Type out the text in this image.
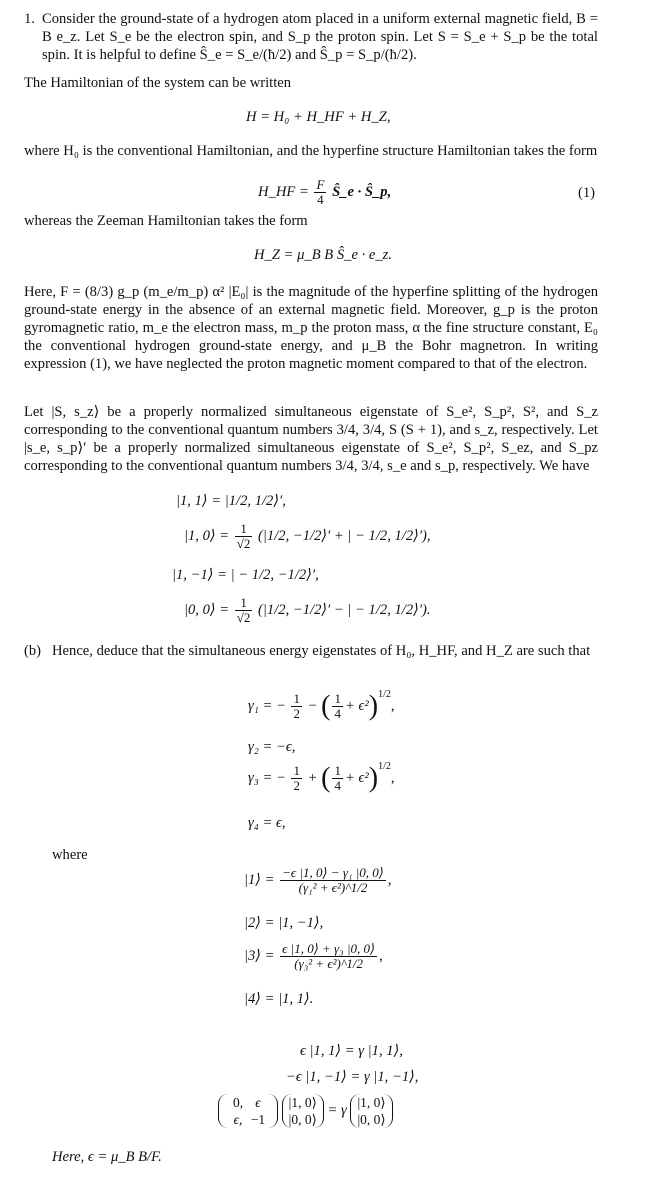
1. Consider the ground-state of a hydrogen atom placed in a uniform external magnetic field, B = B e_z. Let S_e be the electron spin, and S_p the proton spin. Let S = S_e + S_p be the total spin. It is helpful to define Ŝ_e = S_e/(ħ/2) and Ŝ_p = S_p/(ħ/2).

The Hamiltonian of the system can be written

H = H₀ + H_HF + H_Z,

where H₀ is the conventional Hamiltonian, and the hyperfine structure Hamiltonian takes the form

H_HF = $\frac{F}{4}$ Ŝ_e · Ŝ_p,	(1)

whereas the Zeeman Hamiltonian takes the form

H_Z = μ_B B Ŝ_e · e_z.

Here, F = (8/3) g_p (m_e/m_p) α² |E₀| is the magnitude of the hyperfine splitting of the hydrogen ground-state energy in the absence of an external magnetic field. Moreover, g_p is the proton gyromagnetic ratio, m_e the electron mass, m_p the proton mass, α the fine structure constant, E₀ the conventional hydrogen ground-state energy, and μ_B the Bohr magnetron. In writing expression (1), we have neglected the proton magnetic moment compared to that of the electron.

Let |S, s_z⟩ be a properly normalized simultaneous eigenstate of S_e², S_p², S², and S_z corresponding to the conventional quantum numbers 3/4, 3/4, S (S + 1), and s_z, respectively. Let |s_e, s_p⟩′ be a properly normalized simultaneous eigenstate of S_e², S_p², S_ez, and S_pz corresponding to the conventional quantum numbers 3/4, 3/4, s_e and s_p, respectively. We have

|1, 1⟩ = |1/2, 1/2⟩′,
|1, 0⟩ = $\frac{1}{√2} (|1/2$, −1/2⟩′ + | − 1/2, 1/2⟩′),
|1, −1⟩ = | − 1/2, −1/2⟩′,
|0, 0⟩ = $\frac{1}{√2} (|1/2$, −1/2⟩′ − | − 1/2, 1/2⟩′).
(b) Hence, deduce that the simultaneous energy eigenstates of H₀, H_HF, and H_Z are such that

γ₁ = − $\frac{1}{2}$ − ( $\frac{1}{4} + \epsilon^2)^{1/2}$,
γ₂ = −ϵ,
γ₃ = − $\frac{1}{2}$ + ( $\frac{1}{4} + \epsilon^2)^{1/2}$,
γ₄ = ϵ,
where
|1⟩ = $\frac{\text{−ϵ |1, 0⟩ − γ₁ |0, 0⟩}}{\text{(γ₁² + ϵ²)\textasciicircum{}1/2}}$ ,
|2⟩ = |1, −1⟩,
|3⟩ = $\frac{\text{ϵ |1, 0⟩ + γ₃ |0, 0⟩}}{\text{(γ₃² + ϵ²)\textasciicircum{}1/2}}$ ,
|4⟩ = |1, 1⟩.
ϵ |1, 1⟩ = γ |1, 1⟩,
−ϵ |1, −1⟩ = γ |1, −1⟩,
0, ϵ
ϵ, −1 |1, 0⟩
|0, 0⟩ = γ |1, 0⟩
|0, 0⟩

Here, ϵ = μ_B B/F.
